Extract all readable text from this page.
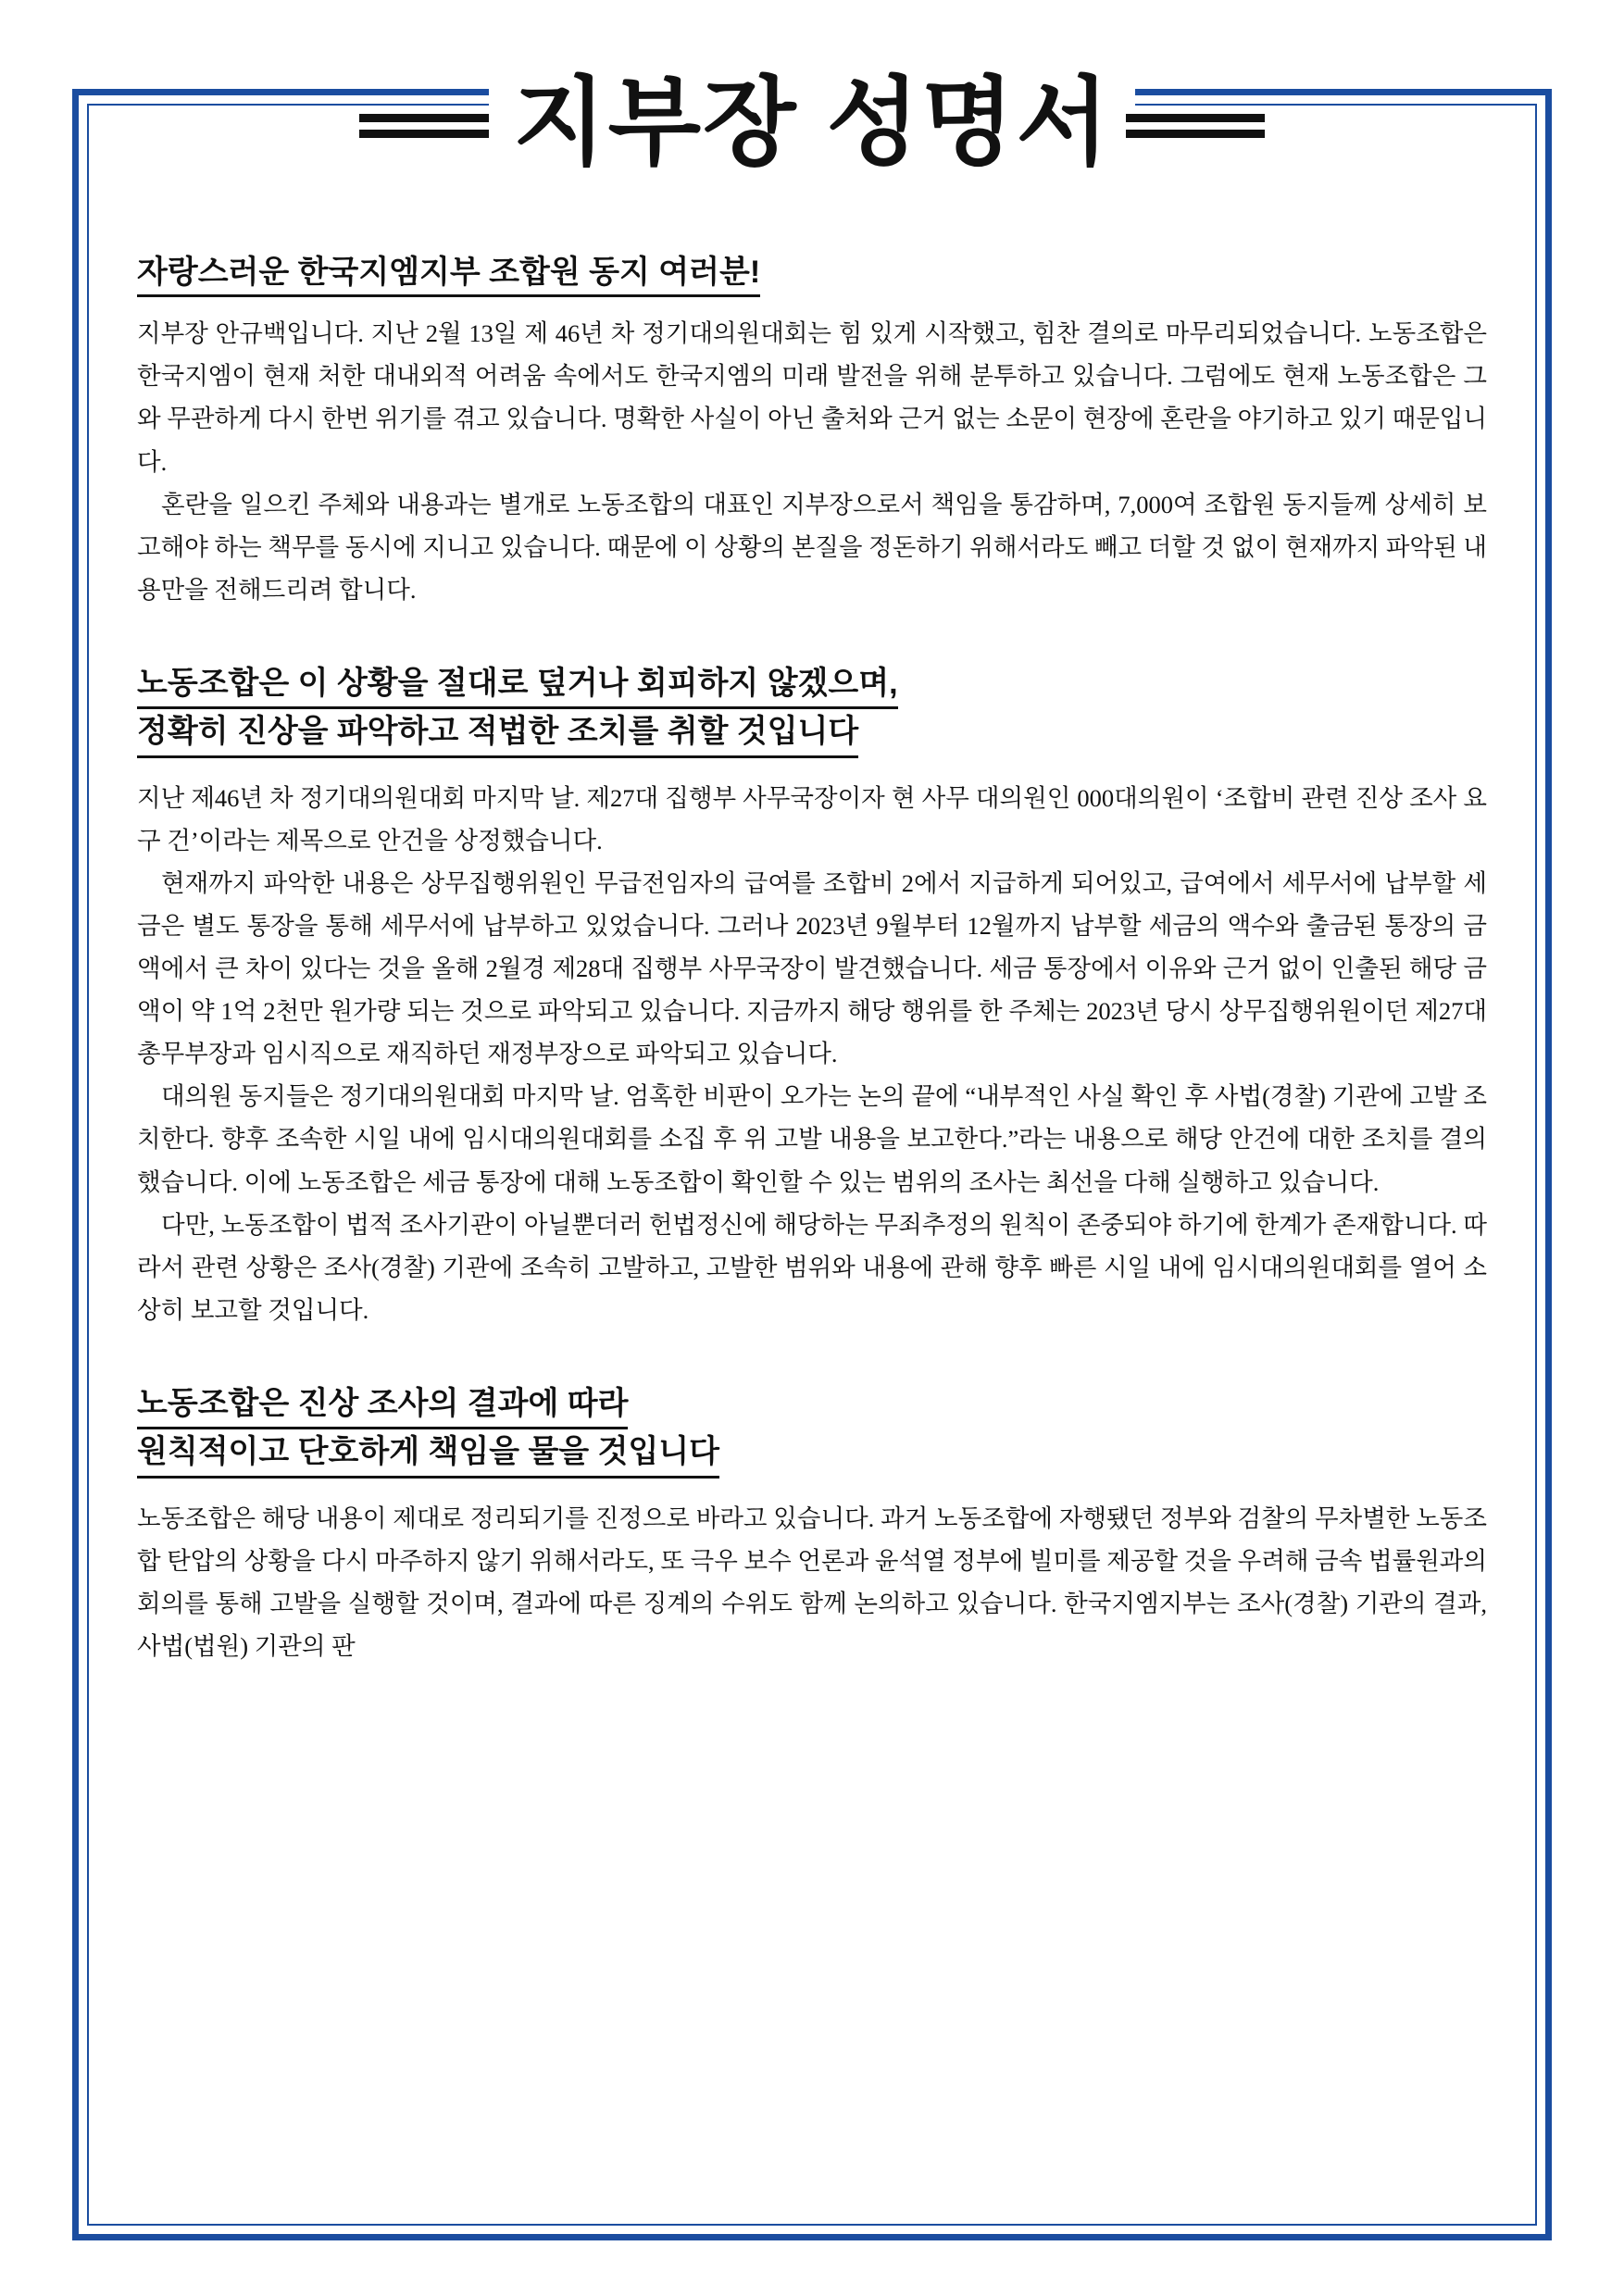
지부장 성명서
자랑스러운 한국지엠지부 조합원 동지 여러분!

지부장 안규백입니다. 지난 2월 13일 제 46년 차 정기대의원대회는 힘 있게 시작했고, 힘찬 결의로 마무리되었습니다. 노동조합은 한국지엠이 현재 처한 대내외적 어려움 속에서도 한국지엠의 미래 발전을 위해 분투하고 있습니다. 그럼에도 현재 노동조합은 그와 무관하게 다시 한번 위기를 겪고 있습니다. 명확한 사실이 아닌 출처와 근거 없는 소문이 현장에 혼란을 야기하고 있기 때문입니다.

혼란을 일으킨 주체와 내용과는 별개로 노동조합의 대표인 지부장으로서 책임을 통감하며, 7,000여 조합원 동지들께 상세히 보고해야 하는 책무를 동시에 지니고 있습니다. 때문에 이 상황의 본질을 정돈하기 위해서라도 빼고 더할 것 없이 현재까지 파악된 내용만을 전해드리려 합니다.

노동조합은 이 상황을 절대로 덮거나 회피하지 않겠으며,
정확히 진상을 파악하고 적법한 조치를 취할 것입니다

지난 제46년 차 정기대의원대회 마지막 날. 제27대 집행부 사무국장이자 현 사무 대의원인 000대의원이 ‘조합비 관련 진상 조사 요구 건’이라는 제목으로 안건을 상정했습니다.

현재까지 파악한 내용은 상무집행위원인 무급전임자의 급여를 조합비 2에서 지급하게 되어있고, 급여에서 세무서에 납부할 세금은 별도 통장을 통해 세무서에 납부하고 있었습니다. 그러나 2023년 9월부터 12월까지 납부할 세금의 액수와 출금된 통장의 금액에서 큰 차이 있다는 것을 올해 2월경 제28대 집행부 사무국장이 발견했습니다. 세금 통장에서 이유와 근거 없이 인출된 해당 금액이 약 1억 2천만 원가량 되는 것으로 파악되고 있습니다. 지금까지 해당 행위를 한 주체는 2023년 당시 상무집행위원이던 제27대 총무부장과 임시직으로 재직하던 재정부장으로 파악되고 있습니다.

대의원 동지들은 정기대의원대회 마지막 날. 엄혹한 비판이 오가는 논의 끝에 “내부적인 사실 확인 후 사법(경찰) 기관에 고발 조치한다. 향후 조속한 시일 내에 임시대의원대회를 소집 후 위 고발 내용을 보고한다.”라는 내용으로 해당 안건에 대한 조치를 결의했습니다. 이에 노동조합은 세금 통장에 대해 노동조합이 확인할 수 있는 범위의 조사는 최선을 다해 실행하고 있습니다.

다만, 노동조합이 법적 조사기관이 아닐뿐더러 헌법정신에 해당하는 무죄추정의 원칙이 존중되야 하기에 한계가 존재합니다. 따라서 관련 상황은 조사(경찰) 기관에 조속히 고발하고, 고발한 범위와 내용에 관해 향후 빠른 시일 내에 임시대의원대회를 열어 소상히 보고할 것입니다.

노동조합은 진상 조사의 결과에 따라
원칙적이고 단호하게 책임을 물을 것입니다

노동조합은 해당 내용이 제대로 정리되기를 진정으로 바라고 있습니다. 과거 노동조합에 자행됐던 정부와 검찰의 무차별한 노동조합 탄압의 상황을 다시 마주하지 않기 위해서라도, 또 극우 보수 언론과 윤석열 정부에 빌미를 제공할 것을 우려해 금속 법률원과의 회의를 통해 고발을 실행할 것이며, 결과에 따른 징계의 수위도 함께 논의하고 있습니다. 한국지엠지부는 조사(경찰) 기관의 결과, 사법(법원) 기관의 판
